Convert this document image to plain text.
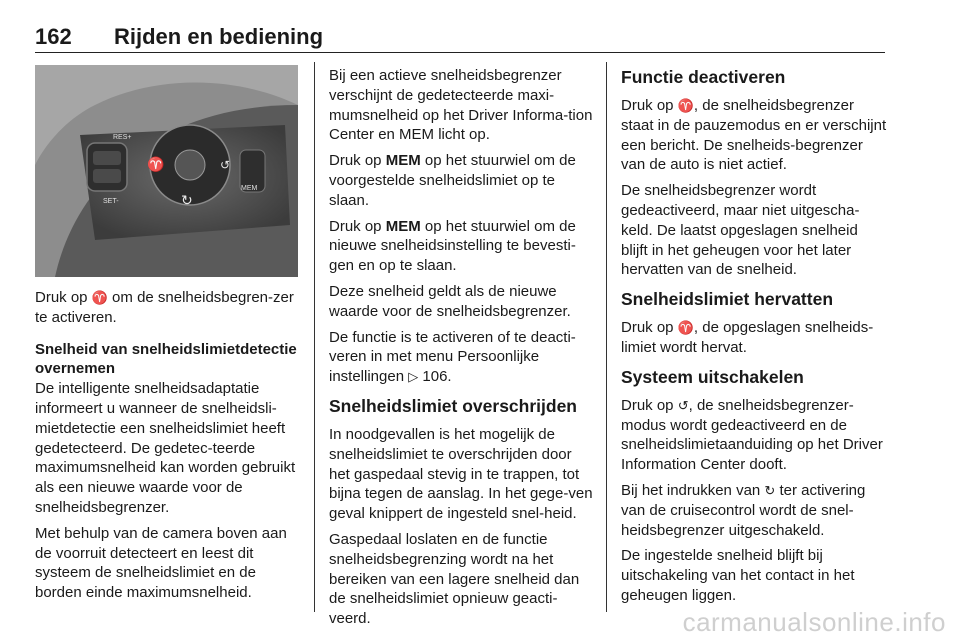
162 Rijden en bediening
RES+
SET-
MEM
♈	↺
↻

Druk op ♈ om de snelheidsbegren-zer te activeren.

Snelheid van snelheidslimietdetectie overnemen

De intelligente snelheidsadaptatie informeert u wanneer de snelheidsli-mietdetectie een snelheidslimiet heeft gedetecteerd. De gedetec-teerde maximumsnelheid kan worden gebruikt als een nieuwe waarde voor de snelheidsbegrenzer.

Met behulp van de camera boven aan de voorruit detecteert en leest dit systeem de snelheidslimiet en de borden einde maximumsnelheid.

Bij een actieve snelheidsbegrenzer verschijnt de gedetecteerde maxi-mumsnelheid op het Driver Informa-tion Center en MEM licht op.

Druk op MEM op het stuurwiel om de voorgestelde snelheidslimiet op te slaan.

Druk op MEM op het stuurwiel om de nieuwe snelheidsinstelling te bevesti-gen en op te slaan.

Deze snelheid geldt als de nieuwe waarde voor de snelheidsbegrenzer.

De functie is te activeren of te deacti-veren in met menu Persoonlijke instellingen ▷ 106.

Snelheidslimiet overschrijden

In noodgevallen is het mogelijk de snelheidslimiet te overschrijden door het gaspedaal stevig in te trappen, tot bijna tegen de aanslag. In het gege-ven geval knippert de ingesteld snel-heid.

Gaspedaal loslaten en de functie snelheidsbegrenzing wordt na het bereiken van een lagere snelheid dan de snelheidslimiet opnieuw geacti-veerd.

Functie deactiveren

Druk op ♈, de snelheidsbegrenzer staat in de pauzemodus en er verschijnt een bericht. De snelheids-begrenzer van de auto is niet actief.

De snelheidsbegrenzer wordt gedeactiveerd, maar niet uitgescha-keld. De laatst opgeslagen snelheid blijft in het geheugen voor het later hervatten van de snelheid.

Snelheidslimiet hervatten

Druk op ♈, de opgeslagen snelheids-limiet wordt hervat.

Systeem uitschakelen

Druk op ↺, de snelheidsbegrenzer-modus wordt gedeactiveerd en de snelheidslimietaanduiding op het Driver Information Center dooft.

Bij het indrukken van ↻ ter activering van de cruisecontrol wordt de snel-heidsbegrenzer uitgeschakeld.

De ingestelde snelheid blijft bij uitschakeling van het contact in het geheugen liggen.

carmanualsonline.info
